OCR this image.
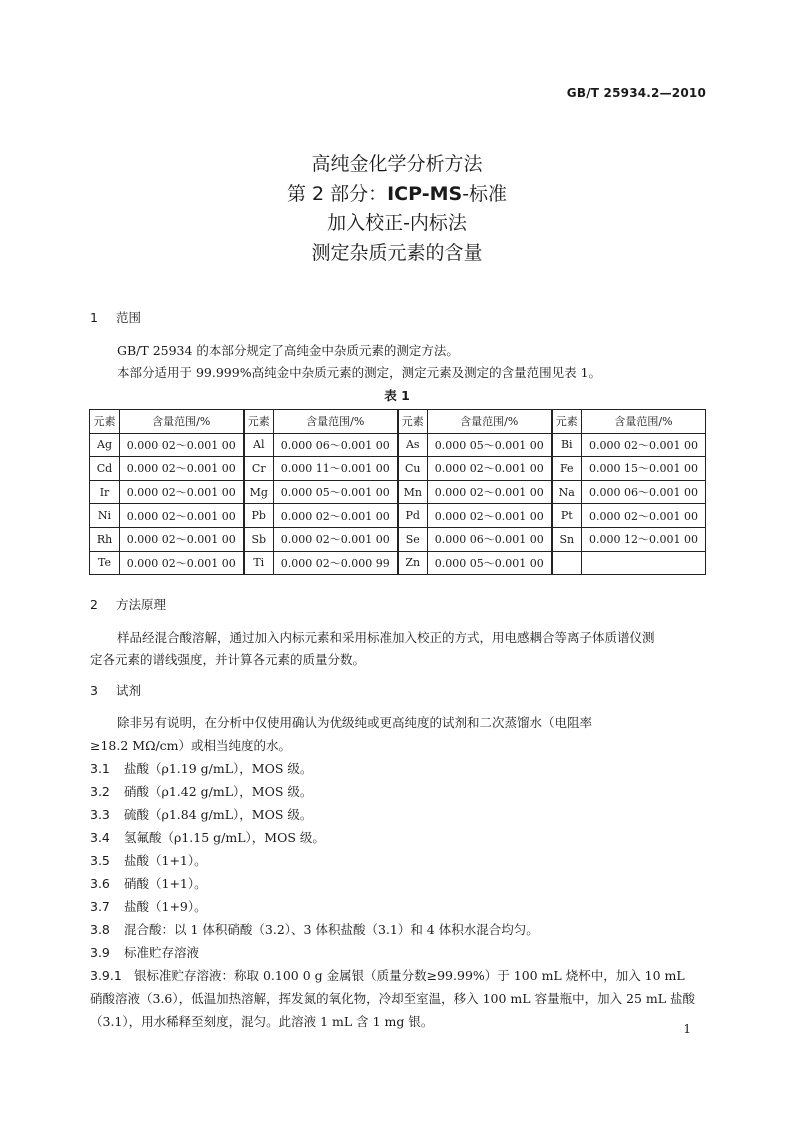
GB/T 25934.2—2010
高纯金化学分析方法
第 2 部分：ICP-MS-标准
加入校正-内标法
测定杂质元素的含量
1 范围
GB/T 25934 的本部分规定了高纯金中杂质元素的测定方法。
本部分适用于 99.999%高纯金中杂质元素的测定，测定元素及测定的含量范围见表 1。
表 1
元素	含量范围/%	元素	含量范围/%	元素	含量范围/%	元素	含量范围/%
Ag	0.000 02～0.001 00	Al	0.000 06～0.001 00	As	0.000 05～0.001 00	Bi	0.000 02～0.001 00
Cd	0.000 02～0.001 00	Cr	0.000 11～0.001 00	Cu	0.000 02～0.001 00	Fe	0.000 15～0.001 00
Ir	0.000 02～0.001 00	Mg	0.000 05～0.001 00	Mn	0.000 02～0.001 00	Na	0.000 06～0.001 00
Ni	0.000 02～0.001 00	Pb	0.000 02～0.001 00	Pd	0.000 02～0.001 00	Pt	0.000 02～0.001 00
Rh	0.000 02～0.001 00	Sb	0.000 02～0.001 00	Se	0.000 06～0.001 00	Sn	0.000 12～0.001 00
Te	0.000 02～0.001 00	Ti	0.000 02～0.000 99	Zn	0.000 05～0.001 00		
2 方法原理
样品经混合酸溶解，通过加入内标元素和采用标准加入校正的方式，用电感耦合等离子体质谱仪测
定各元素的谱线强度，并计算各元素的质量分数。
3 试剂
除非另有说明，在分析中仅使用确认为优级纯或更高纯度的试剂和二次蒸馏水（电阻率
≥18.2 MΩ/cm）或相当纯度的水。
3.1 盐酸（ρ1.19 g/mL），MOS 级。
3.2 硝酸（ρ1.42 g/mL），MOS 级。
3.3 硫酸（ρ1.84 g/mL），MOS 级。
3.4 氢氟酸（ρ1.15 g/mL），MOS 级。
3.5 盐酸（1+1）。
3.6 硝酸（1+1）。
3.7 盐酸（1+9）。
3.8 混合酸：以 1 体积硝酸（3.2）、3 体积盐酸（3.1）和 4 体积水混合均匀。
3.9 标准贮存溶液
3.9.1 银标准贮存溶液：称取 0.100 0 g 金属银（质量分数≥99.99%）于 100 mL 烧杯中，加入 10 mL
硝酸溶液（3.6），低温加热溶解，挥发氮的氧化物，冷却至室温，移入 100 mL 容量瓶中，加入 25 mL 盐酸
（3.1），用水稀释至刻度，混匀。此溶液 1 mL 含 1 mg 银。	1
